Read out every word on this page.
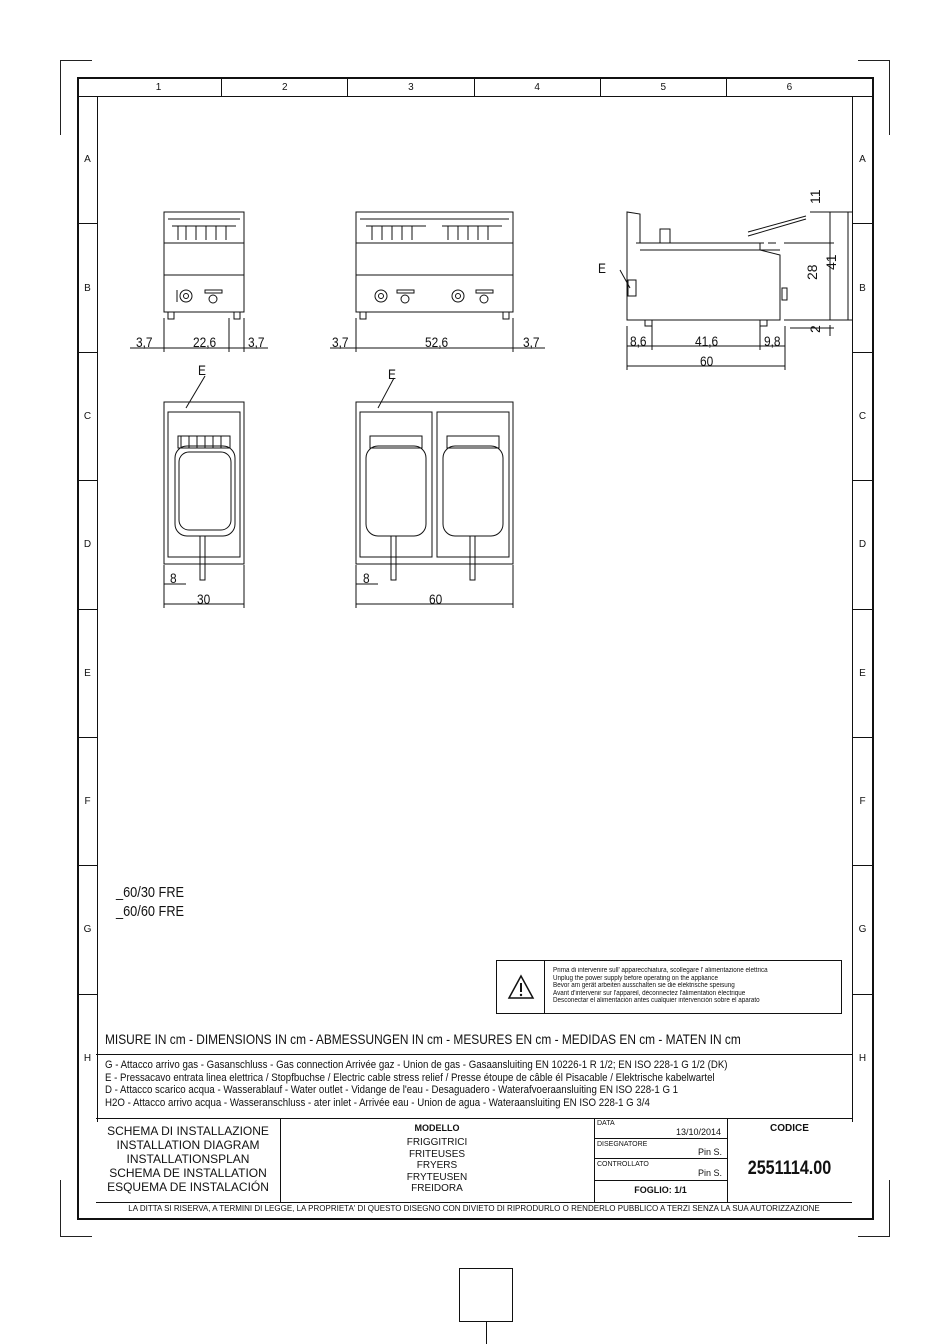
1	2	3	4	5	6
A
B
C
D
E
F
G
H
A
B
C
D
E
F
G
H
3,7	22,6 3,7	3,7	52,6	3,7
E
8,6	41,6	9,8
60
11
28
2
41
E
8
30
E
8
60
_60/30 FRE
_60/60 FRE
Prima di intervenire sull' apparecchiatura, scollegare l' alimentazione elettrica
Unplug the power supply before operating on the appliance
Bevor am gerät arbeiten ausschalten sie die elektrische speisung
Avant d'intervenir sur l'appareil, déconnectez l'alimentation électrique
Desconectar el alimentación antes cualquier intervención sobre el aparato
MISURE IN cm - DIMENSIONS IN cm - ABMESSUNGEN IN cm - MESURES EN cm - MEDIDAS EN cm - MATEN IN cm
G - Attacco arrivo gas - Gasanschluss - Gas connection Arrivée gaz - Union de gas - Gasaansluiting EN 10226-1 R 1/2; EN ISO 228-1 G 1/2 (DK)
E - Pressacavo entrata linea elettrica / Stopfbuchse / Electric cable stress relief / Presse étoupe de câble él Pisacable / Elektrische kabelwartel
D - Attacco scarico acqua - Wasserablauf - Water outlet - Vidange de l'eau - Desaguadero - Waterafvoeraansluiting EN ISO 228-1 G 1
H2O - Attacco arrivo acqua - Wasseranschluss - ater inlet - Arrivée eau - Union de agua - Wateraansluiting EN ISO 228-1 G 3/4
SCHEMA DI INSTALLAZIONE
INSTALLATION DIAGRAM
INSTALLATIONSPLAN
SCHEMA DE INSTALLATION
ESQUEMA DE INSTALACIÓN
MODELLO
FRIGGITRICI
FRITEUSES
FRYERS
FRYTEUSEN
FREIDORA
DATA
13/10/2014
DISEGNATORE
Pin S.
CONTROLLATO
Pin S.
FOGLIO: 1/1
CODICE
2551114.00
LA DITTA SI RISERVA, A TERMINI DI LEGGE, LA PROPRIETA' DI QUESTO DISEGNO CON DIVIETO DI RIPRODURLO O RENDERLO PUBBLICO A TERZI SENZA LA SUA AUTORIZZAZIONE
